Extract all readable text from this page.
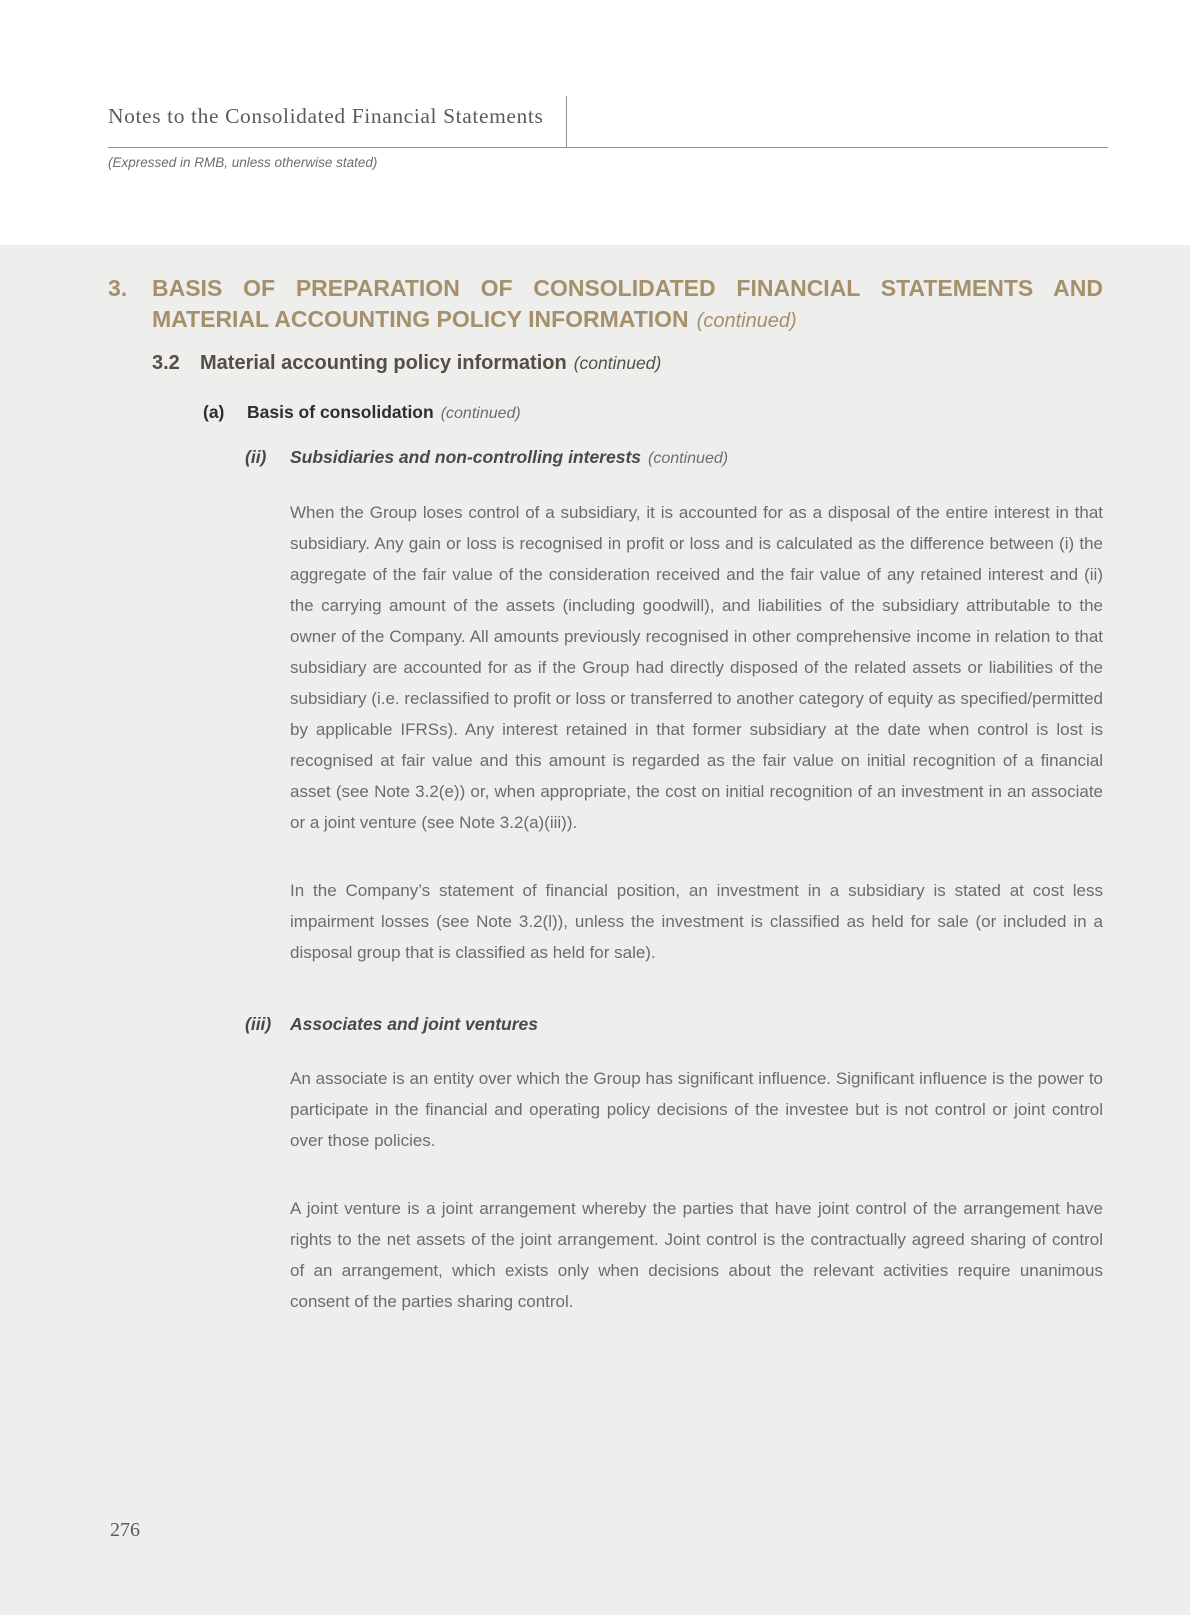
Notes to the Consolidated Financial Statements
(Expressed in RMB, unless otherwise stated)
3. BASIS OF PREPARATION OF CONSOLIDATED FINANCIAL STATEMENTS AND
MATERIAL ACCOUNTING POLICY INFORMATION (continued)
3.2 Material accounting policy information (continued)
(a) Basis of consolidation (continued)
(ii) Subsidiaries and non-controlling interests (continued)

When the Group loses control of a subsidiary, it is accounted for as a disposal of the entire interest in that subsidiary. Any gain or loss is recognised in profit or loss and is calculated as the difference between (i) the aggregate of the fair value of the consideration received and the fair value of any retained interest and (ii) the carrying amount of the assets (including goodwill), and liabilities of the subsidiary attributable to the owner of the Company. All amounts previously recognised in other comprehensive income in relation to that subsidiary are accounted for as if the Group had directly disposed of the related assets or liabilities of the subsidiary (i.e. reclassified to profit or loss or transferred to another category of equity as specified/permitted by applicable IFRSs). Any interest retained in that former subsidiary at the date when control is lost is recognised at fair value and this amount is regarded as the fair value on initial recognition of a financial asset (see Note 3.2(e)) or, when appropriate, the cost on initial recognition of an investment in an associate or a joint venture (see Note 3.2(a)(iii)).

In the Company’s statement of financial position, an investment in a subsidiary is stated at cost less impairment losses (see Note 3.2(l)), unless the investment is classified as held for sale (or included in a disposal group that is classified as held for sale).

(iii) Associates and joint ventures

An associate is an entity over which the Group has significant influence. Significant influence is the power to participate in the financial and operating policy decisions of the investee but is not control or joint control over those policies.

A joint venture is a joint arrangement whereby the parties that have joint control of the arrangement have rights to the net assets of the joint arrangement. Joint control is the contractually agreed sharing of control of an arrangement, which exists only when decisions about the relevant activities require unanimous consent of the parties sharing control.

276
